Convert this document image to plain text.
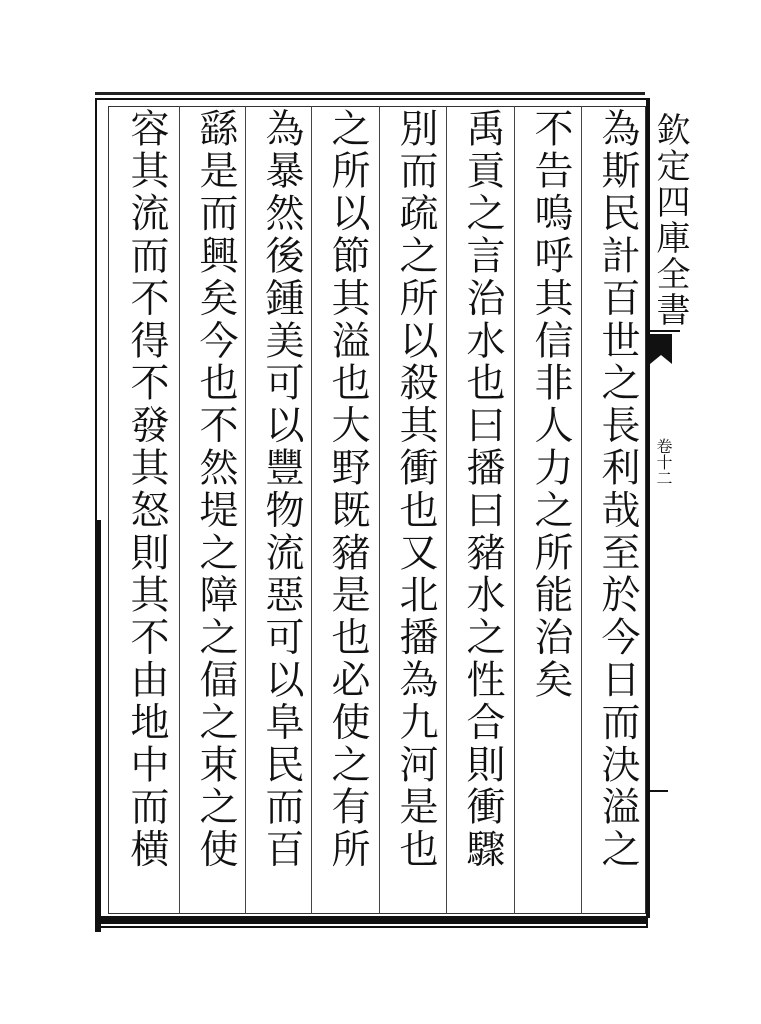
為斯民計百世之長利哉至於今日而決溢之
不告嗚呼其信非人力之所能治矣
禹貢之言治水也曰播曰豬水之性合則衝驟
別而疏之所以殺其衝也又北播為九河是也
之所以節其溢也大野既豬是也必使之有所
為暴然後鍾美可以豐物流惡可以阜民而百
繇是而興矣今也不然堤之障之偪之束之使
容其流而不得不發其怒則其不由地中而横
欽定四庫全書
卷十二
